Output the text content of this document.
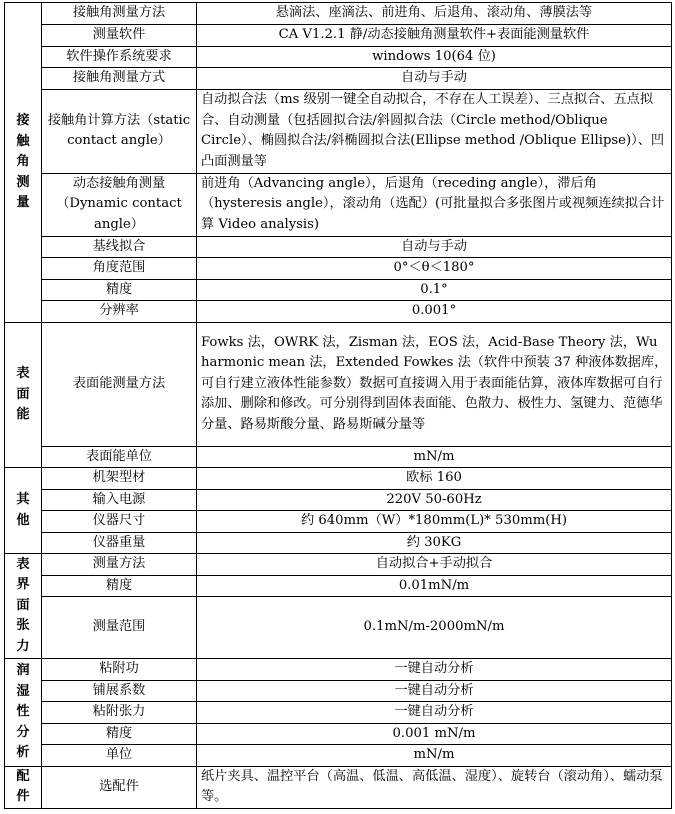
接触角测量	接触角测量方法	悬滴法、座滴法、前进角、后退角、滚动角、薄膜法等
	测量软件	CA V1.2.1 静/动态接触角测量软件+表面能测量软件
	软件操作系统要求	windows 10(64 位)
	接触角测量方式	自动与手动
	接触角计算方法（static contact angle）	自动拟合法（ms 级别一键全自动拟合，不存在人工误差）、三点拟合、五点拟合、自动测量（包括圆拟合法/斜圆拟合法（Circle method/Oblique Circle）、椭圆拟合法/斜椭圆拟合法(Ellipse method /Oblique Ellipse)）、凹凸面测量等
	动态接触角测量（Dynamic contact angle）	前进角（Advancing angle），后退角（receding angle），滞后角（hysteresis angle），滚动角（选配）(可批量拟合多张图片或视频连续拟合计算 Video analysis)
	基线拟合	自动与手动
	角度范围	0°＜θ＜180°
	精度	0.1°
	分辨率	0.001°

表面能	表面能测量方法	Fowks 法，OWRK 法，Zisman 法，EOS 法，Acid-Base Theory 法，Wu harmonic mean 法，Extended Fowkes 法（软件中预装 37 种液体数据库，可自行建立液体性能参数）数据可直接调入用于表面能估算，液体库数据可自行添加、删除和修改。可分别得到固体表面能、色散力、极性力、氢键力、范德华分量、路易斯酸分量、路易斯碱分量等
	表面能单位	mN/m

其他	机架型材	欧标 160
	输入电源	220V 50-60Hz
	仪器尺寸	约 640mm（W）*180mm(L)* 530mm(H)
	仪器重量	约 30KG

表界面张力	测量方法	自动拟合+手动拟合
	精度	0.01mN/m
	测量范围	0.1mN/m-2000mN/m

润湿性分析	粘附功	一键自动分析
	铺展系数	一键自动分析
	粘附张力	一键自动分析
	精度	0.001 mN/m
	单位	mN/m

配件	选配件	纸片夹具、温控平台（高温、低温、高低温、湿度）、旋转台（滚动角）、蠕动泵等。
